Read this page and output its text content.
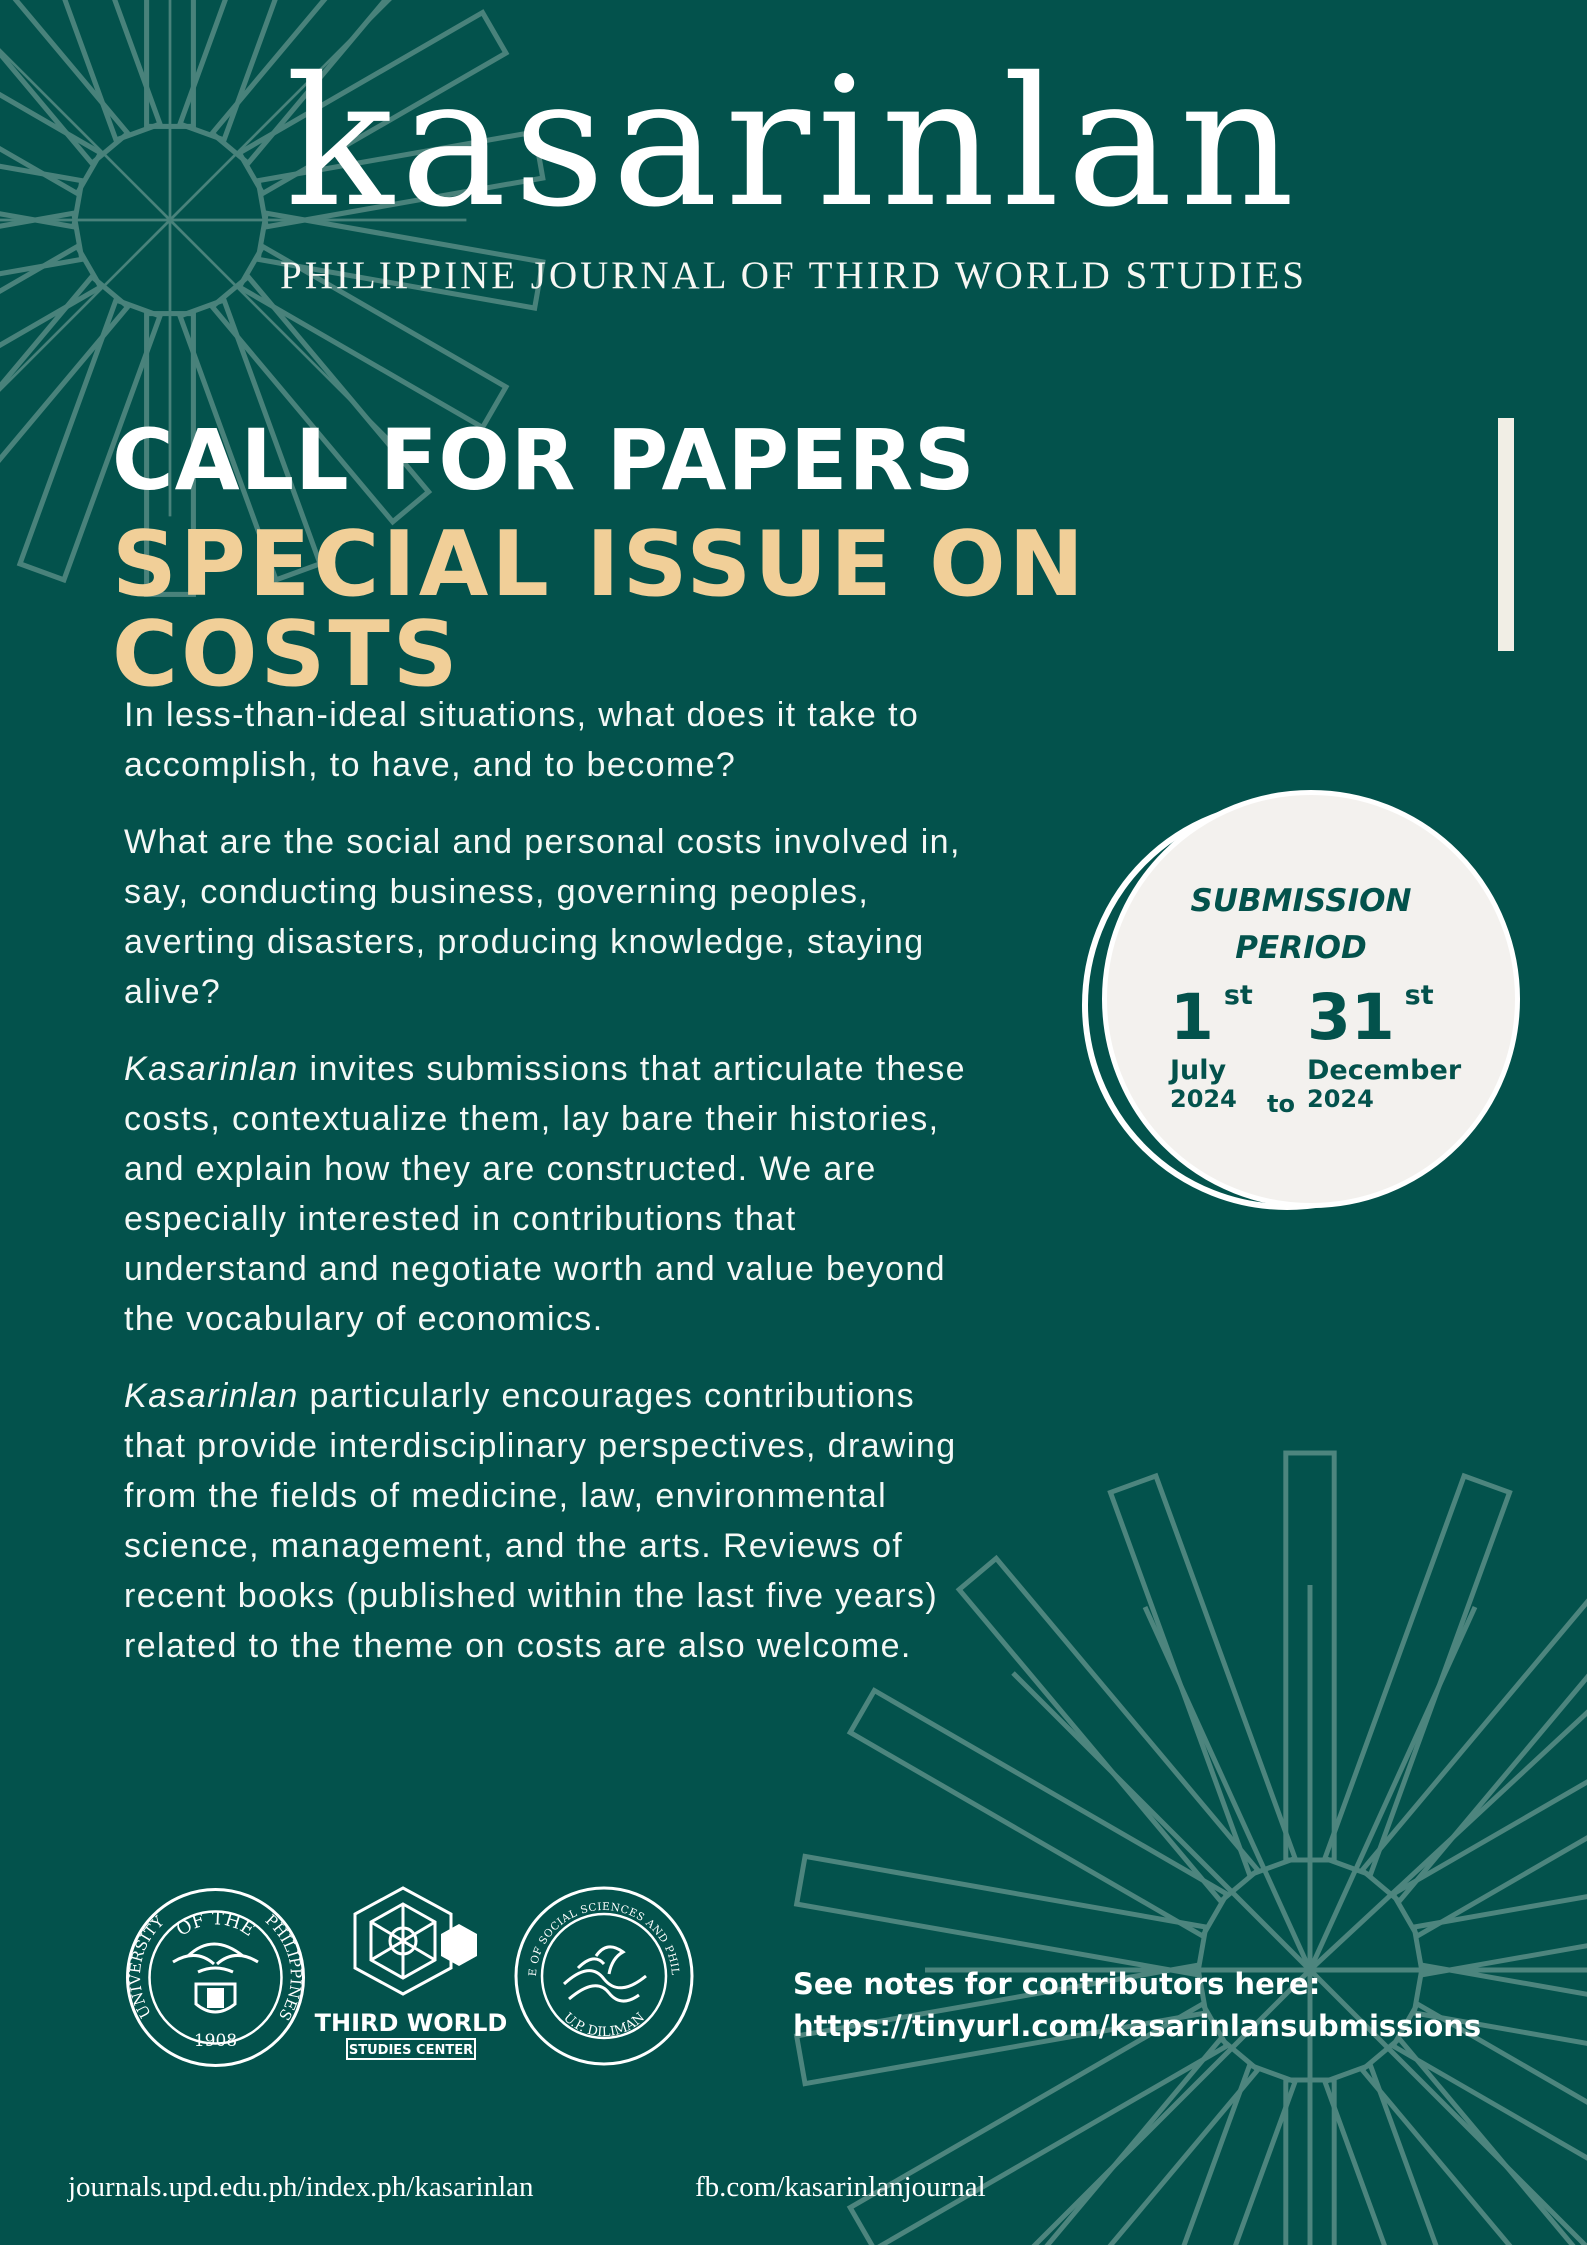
kasarinlan
PHILIPPINE JOURNAL OF THIRD WORLD STUDIES
CALL FOR PAPERS
SPECIAL ISSUE ON COSTS

In less-than-ideal situations, what does it take to accomplish, to have, and to become?

What are the social and personal costs involved in, say, conducting business, governing peoples, averting disasters, producing knowledge, staying alive?

Kasarinlan invites submissions that articulate these costs, contextualize them, lay bare their histories, and explain how they are constructed. We are especially interested in contributions that understand and negotiate worth and value beyond the vocabulary of economics.

Kasarinlan particularly encourages contributions that provide interdisciplinary perspectives, drawing from the fields of medicine, law, environmental science, management, and the arts. Reviews of recent books (published within the last five years) related to the theme on costs are also welcome.

SUBMISSION
PERIOD
1 st
July
2024	to
31 st
December
2024
OF THE
UNIVERSITY	PHILIPPINES
1908
THIRD WORLD
STUDIES CENTER
COLLEGE OF SOCIAL SCIENCES AND PHILOSOPHY
U.P. DILIMAN
See notes for contributors here:
https://tinyurl.com/kasarinlansubmissions
journals.upd.edu.ph/index.ph/kasarinlan	fb.com/kasarinlanjournal
